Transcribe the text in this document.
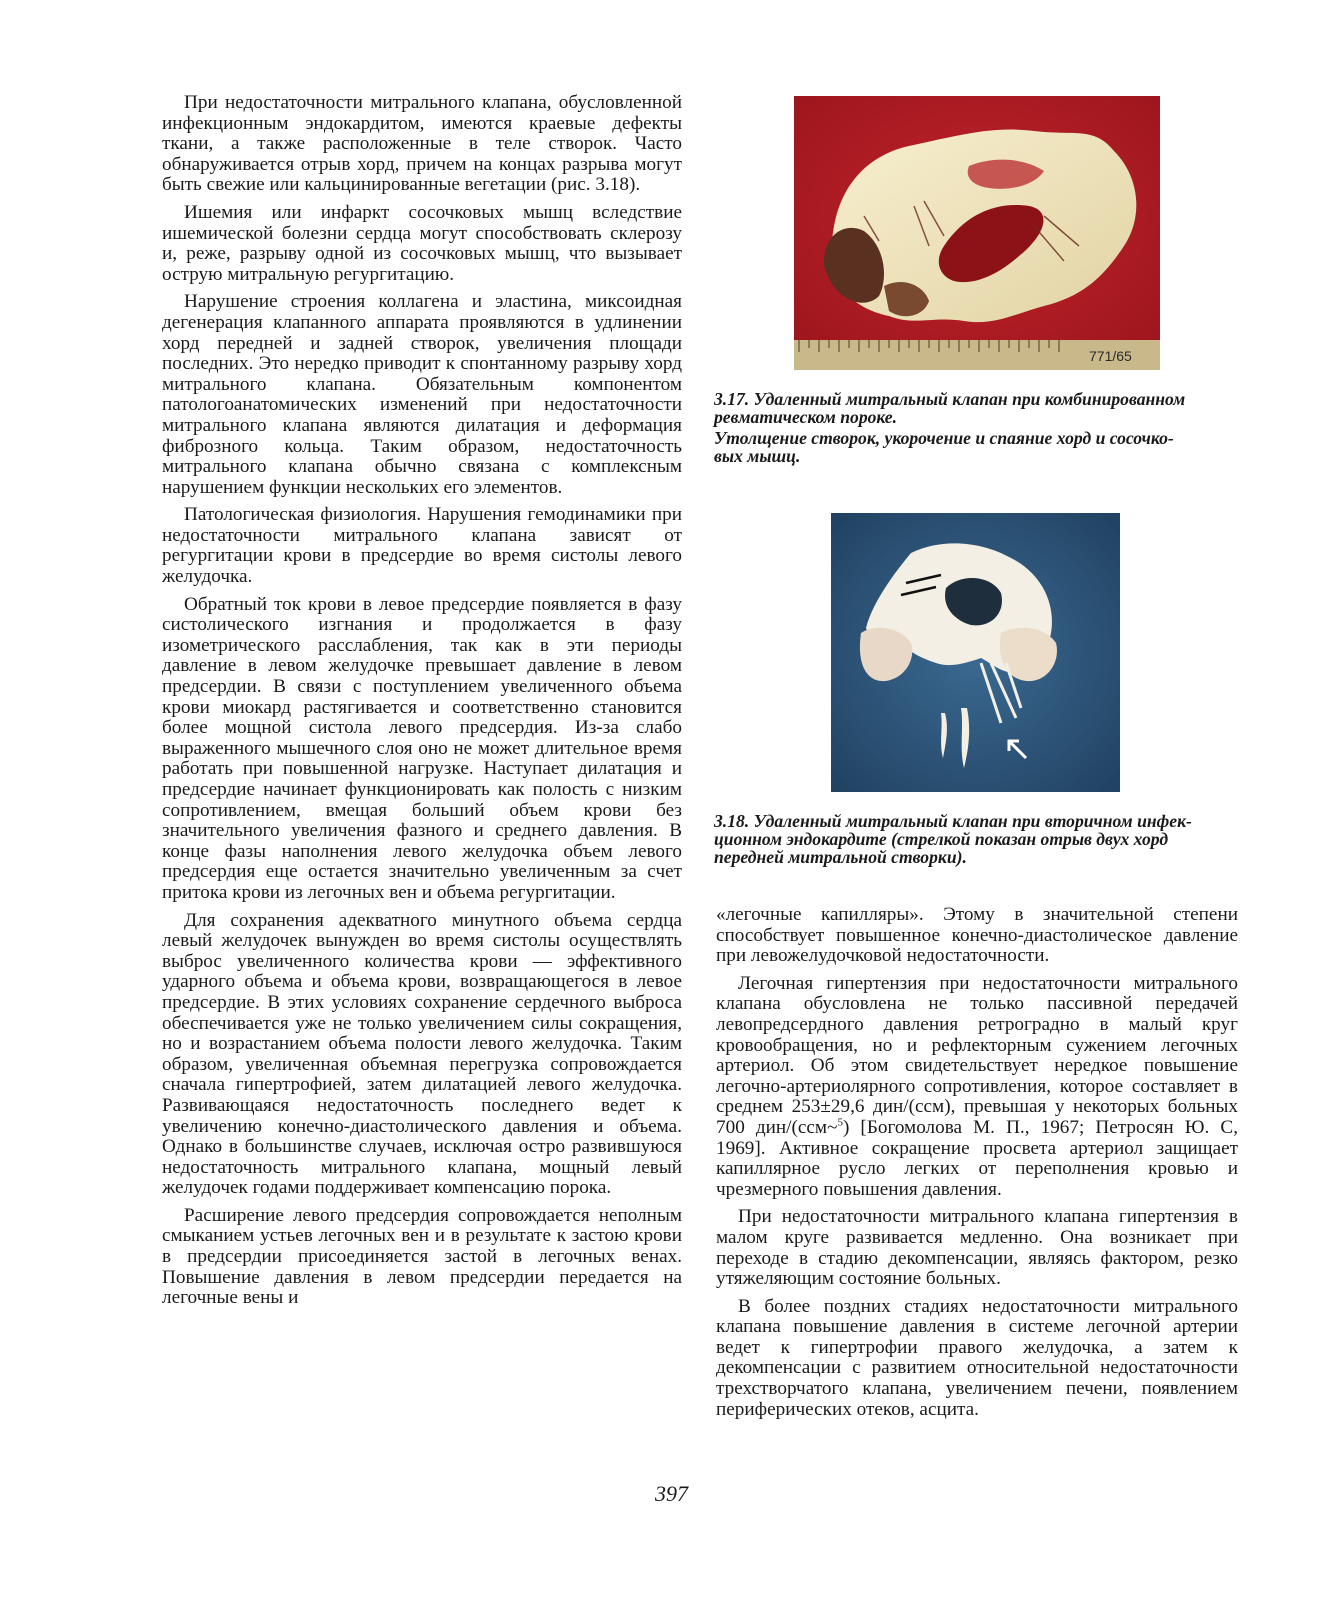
При недостаточности митрального клапана, обусловленной инфекционным эндокардитом, имеются краевые дефекты ткани, а также расположенные в теле створок. Часто обнаруживается отрыв хорд, причем на концах разрыва могут быть свежие или кальцинированные вегетации (рис. 3.18).

Ишемия или инфаркт сосочковых мышц вследствие ишемической болезни сердца могут способствовать склерозу и, реже, разрыву одной из сосочковых мышц, что вызывает острую митральную регургитацию.

Нарушение строения коллагена и эластина, миксоидная дегенерация клапанного аппарата проявляются в удлинении хорд передней и задней створок, увеличения площади последних. Это нередко приводит к спонтанному разрыву хорд митрального клапана. Обязательным компонентом патологоанатомических изменений при недостаточности митрального клапана являются дилатация и деформация фиброзного кольца. Таким образом, недостаточность митрального клапана обычно связана с комплексным нарушением функции нескольких его элементов.

Патологическая физиология. Нарушения гемодинамики при недостаточности митрального клапана зависят от регургитации крови в предсердие во время систолы левого желудочка.

Обратный ток крови в левое предсердие появляется в фазу систолического изгнания и продолжается в фазу изометрического расслабления, так как в эти периоды давление в левом желудочке превышает давление в левом предсердии. В связи с поступлением увеличенного объема крови миокард растягивается и соответственно становится более мощной систола левого предсердия. Из-за слабо выраженного мышечного слоя оно не может длительное время работать при повышенной нагрузке. Наступает дилатация и предсердие начинает функционировать как полость с низким сопротивлением, вмещая больший объем крови без значительного увеличения фазного и среднего давления. В конце фазы наполнения левого желудочка объем левого предсердия еще остается значительно увеличенным за счет притока крови из легочных вен и объема регургитации.

Для сохранения адекватного минутного объема сердца левый желудочек вынужден во время систолы осуществлять выброс увеличенного количества крови — эффективного ударного объема и объема крови, возвращающегося в левое предсердие. В этих условиях сохранение сердечного выброса обеспечивается уже не только увеличением силы сокращения, но и возрастанием объема полости левого желудочка. Таким образом, увеличенная объемная перегрузка сопровождается сначала гипертрофией, затем дилатацией левого желудочка. Развивающаяся недостаточность последнего ведет к увеличению конечно-диастолического давления и объема. Однако в большинстве случаев, исключая остро развившуюся недостаточность митрального клапана, мощный левый желудочек годами поддерживает компенсацию порока.

Расширение левого предсердия сопровождается неполным смыканием устьев легочных вен и в результате к застою крови в предсердии присоединяется застой в легочных венах. Повышение давления в левом предсердии передается на легочные вены и

771/65
3.17. Удаленный митральный клапан при комбинированном
ревматическом пороке.
Утолщение створок, укорочение и спаяние хорд и сосочко-
вых мышц.
3.18. Удаленный митральный клапан при вторичном инфек-
ционном эндокардите (стрелкой показан отрыв двух хорд
передней митральной створки).

«легочные капилляры». Этому в значительной степени способствует повышенное конечно-диастолическое давление при левожелудочковой недостаточности.

Легочная гипертензия при недостаточности митрального клапана обусловлена не только пассивной передачей левопредсердного давления ретроградно в малый круг кровообращения, но и рефлекторным сужением легочных артериол. Об этом свидетельствует нередкое повышение легочно-артериолярного сопротивления, которое составляет в среднем 253±29,6 дин/(ссм), превышая у некоторых больных 700 дин/(ссм~$^5$) [Богомолова М. П., 1967; Петросян Ю. С, 1969]. Активное сокращение просвета артериол защищает капиллярное русло легких от переполнения кровью и чрезмерного повышения давления.

При недостаточности митрального клапана гипертензия в малом круге развивается медленно. Она возникает при переходе в стадию декомпенсации, являясь фактором, резко утяжеляющим состояние больных.

В более поздних стадиях недостаточности митрального клапана повышение давления в системе легочной артерии ведет к гипертрофии правого желудочка, а затем к декомпенсации с развитием относительной недостаточности трехстворчатого клапана, увеличением печени, появлением периферических отеков, асцита.

397
